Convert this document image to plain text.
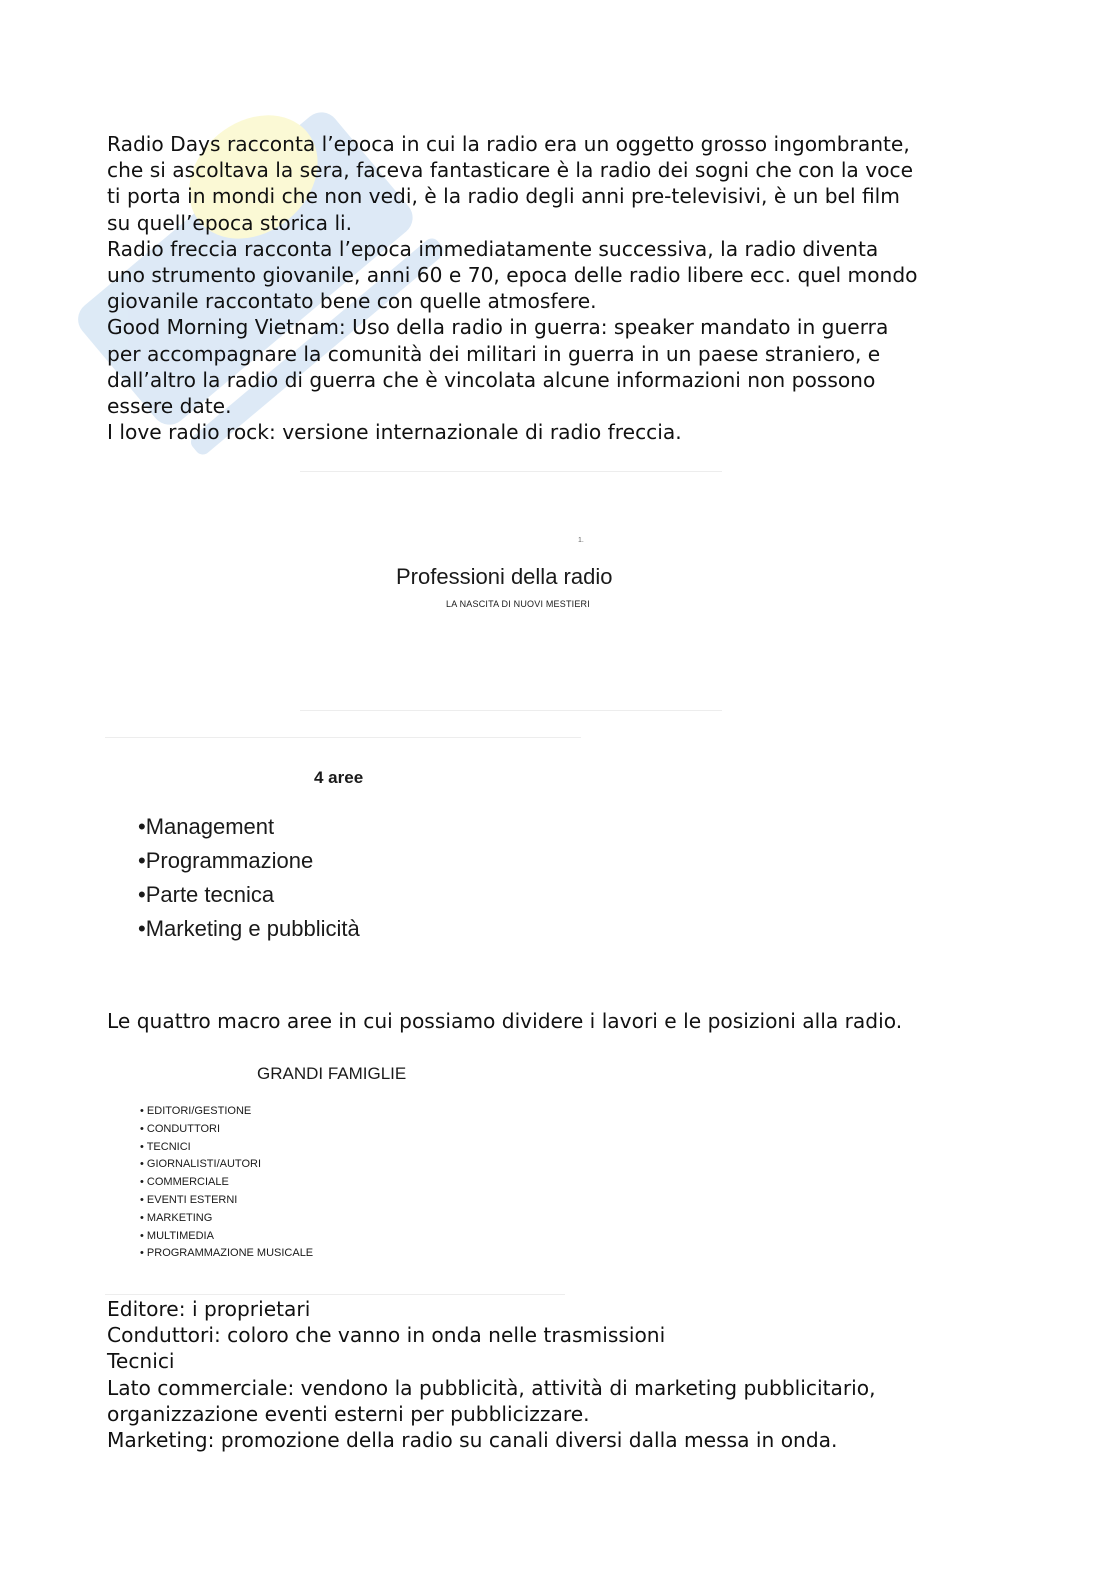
Radio Days racconta l’epoca in cui la radio era un oggetto grosso ingombrante,

che si ascoltava la sera, faceva fantasticare è la radio dei sogni che con la voce

ti porta in mondi che non vedi, è la radio degli anni pre-televisivi, è un bel film

su quell’epoca storica li.

Radio freccia racconta l’epoca immediatamente successiva, la radio diventa

uno strumento giovanile, anni 60 e 70, epoca delle radio libere ecc. quel mondo

giovanile raccontato bene con quelle atmosfere.

Good Morning Vietnam: Uso della radio in guerra: speaker mandato in guerra

per accompagnare la comunità dei militari in guerra in un paese straniero, e

dall’altro la radio di guerra che è vincolata alcune informazioni non possono

essere date.

I love radio rock: versione internazionale di radio freccia.

1.
Professioni della radio
LA NASCITA DI NUOVI MESTIERI
4 aree
•Management
•Programmazione
•Parte tecnica
•Marketing e pubblicità

Le quattro macro aree in cui possiamo dividere i lavori e le posizioni alla radio.

GRANDI FAMIGLIE
• EDITORI/GESTIONE
• CONDUTTORI
• TECNICI
• GIORNALISTI/AUTORI
• COMMERCIALE
• EVENTI ESTERNI
• MARKETING
• MULTIMEDIA
• PROGRAMMAZIONE MUSICALE

Editore: i proprietari

Conduttori: coloro che vanno in onda nelle trasmissioni

Tecnici

Lato commerciale: vendono la pubblicità, attività di marketing pubblicitario,

organizzazione eventi esterni per pubblicizzare.

Marketing: promozione della radio su canali diversi dalla messa in onda.
